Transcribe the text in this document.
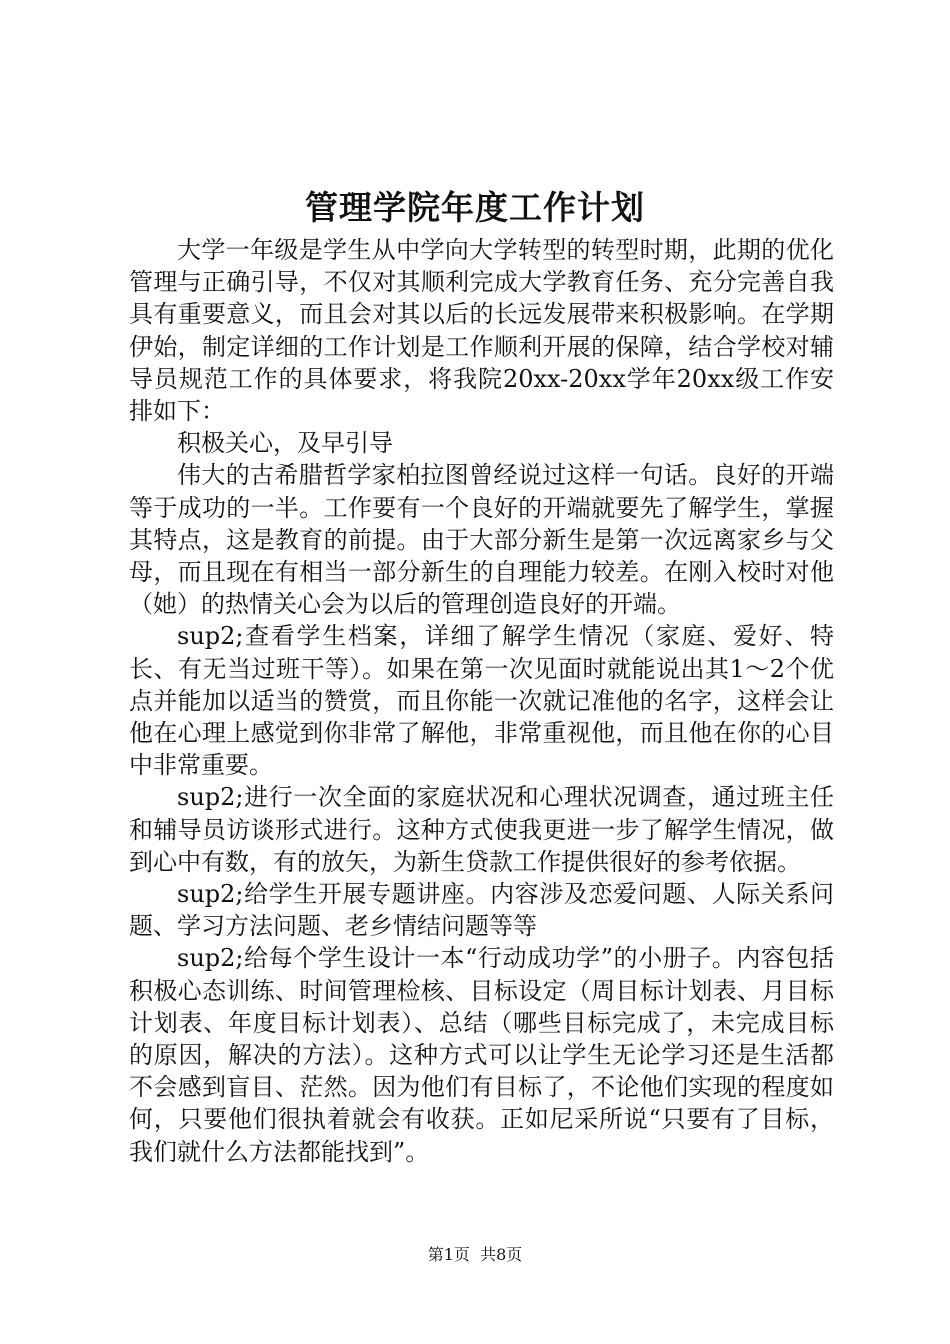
管理学院年度工作计划

大学一年级是学生从中学向大学转型的转型时期，此期的优化管理与正确引导，不仅对其顺利完成大学教育任务、充分完善自我具有重要意义，而且会对其以后的长远发展带来积极影响。在学期伊始，制定详细的工作计划是工作顺利开展的保障，结合学校对辅导员规范工作的具体要求，将我院20xx-20xx学年20xx级工作安排如下：

积极关心，及早引导

伟大的古希腊哲学家柏拉图曾经说过这样一句话。良好的开端等于成功的一半。工作要有一个良好的开端就要先了解学生，掌握其特点，这是教育的前提。由于大部分新生是第一次远离家乡与父母，而且现在有相当一部分新生的自理能力较差。在刚入校时对他（她）的热情关心会为以后的管理创造良好的开端。

sup2;查看学生档案，详细了解学生情况（家庭、爱好、特长、有无当过班干等）。如果在第一次见面时就能说出其1～2个优点并能加以适当的赞赏，而且你能一次就记准他的名字，这样会让他在心理上感觉到你非常了解他，非常重视他，而且他在你的心目中非常重要。

sup2;进行一次全面的家庭状况和心理状况调查，通过班主任和辅导员访谈形式进行。这种方式使我更进一步了解学生情况，做到心中有数，有的放矢，为新生贷款工作提供很好的参考依据。

sup2;给学生开展专题讲座。内容涉及恋爱问题、人际关系问题、学习方法问题、老乡情结问题等等

sup2;给每个学生设计一本“行动成功学”的小册子。内容包括积极心态训练、时间管理检核、目标设定（周目标计划表、月目标计划表、年度目标计划表）、总结（哪些目标完成了，未完成目标的原因，解决的方法）。这种方式可以让学生无论学习还是生活都不会感到盲目、茫然。因为他们有目标了，不论他们实现的程度如何，只要他们很执着就会有收获。正如尼采所说“只要有了目标，我们就什么方法都能找到”。

第1页  共8页
